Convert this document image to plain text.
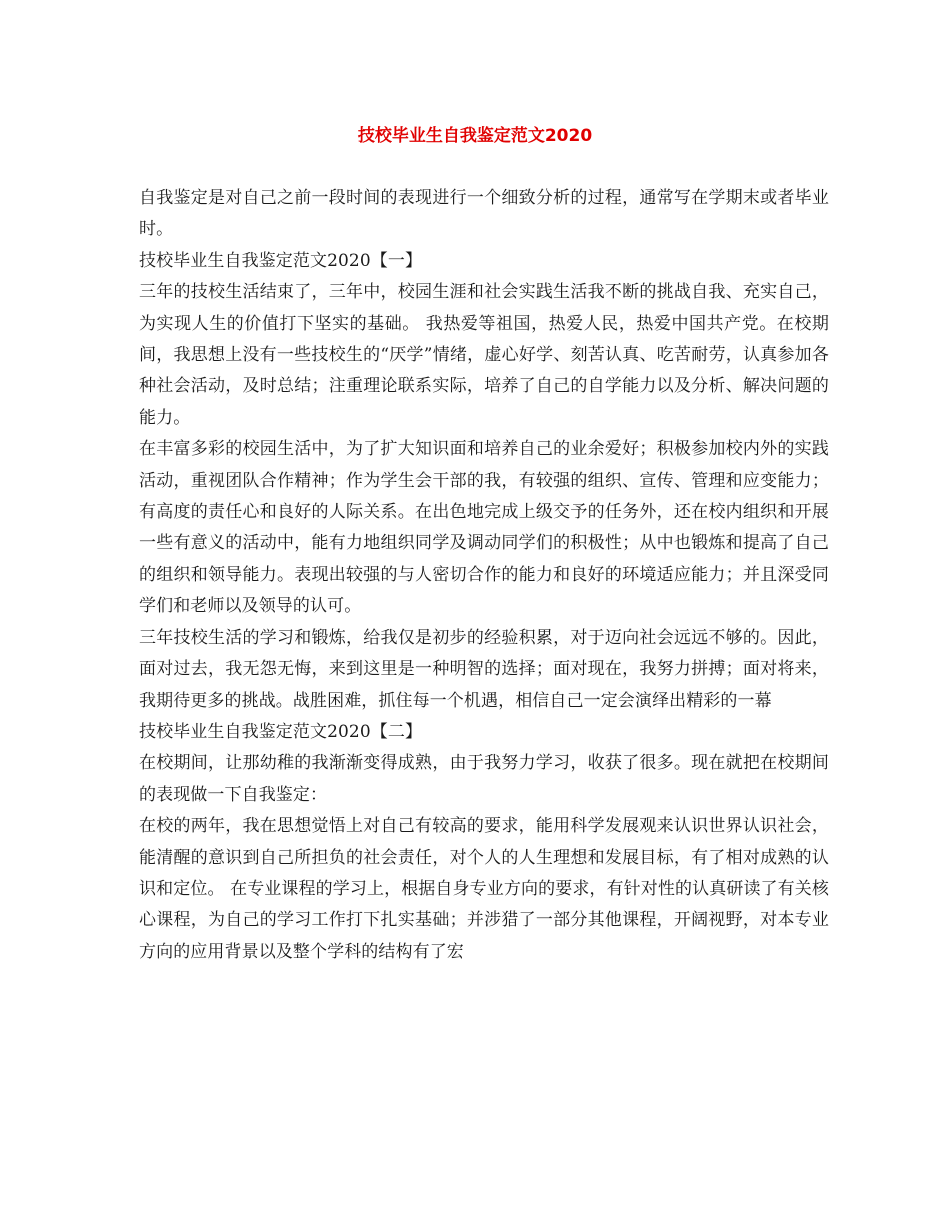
技校毕业生自我鉴定范文2020

自我鉴定是对自己之前一段时间的表现进行一个细致分析的过程，通常写在学期末或者毕业时。

技校毕业生自我鉴定范文2020【一】

三年的技校生活结束了，三年中，校园生涯和社会实践生活我不断的挑战自我、充实自己，为实现人生的价值打下坚实的基础。 我热爱等祖国，热爱人民，热爱中国共产党。在校期间，我思想上没有一些技校生的“厌学”情绪，虚心好学、刻苦认真、吃苦耐劳，认真参加各种社会活动，及时总结；注重理论联系实际，培养了自己的自学能力以及分析、解决问题的能力。

在丰富多彩的校园生活中，为了扩大知识面和培养自己的业余爱好；积极参加校内外的实践活动，重视团队合作精神；作为学生会干部的我，有较强的组织、宣传、管理和应变能力；有高度的责任心和良好的人际关系。在出色地完成上级交予的任务外，还在校内组织和开展一些有意义的活动中，能有力地组织同学及调动同学们的积极性；从中也锻炼和提高了自己的组织和领导能力。表现出较强的与人密切合作的能力和良好的环境适应能力；并且深受同学们和老师以及领导的认可。

三年技校生活的学习和锻炼，给我仅是初步的经验积累，对于迈向社会远远不够的。因此，面对过去，我无怨无悔，来到这里是一种明智的选择；面对现在，我努力拼搏；面对将来，我期待更多的挑战。战胜困难，抓住每一个机遇，相信自己一定会演绎出精彩的一幕

技校毕业生自我鉴定范文2020【二】

在校期间，让那幼稚的我渐渐变得成熟，由于我努力学习，收获了很多。现在就把在校期间的表现做一下自我鉴定：

在校的两年，我在思想觉悟上对自己有较高的要求，能用科学发展观来认识世界认识社会，能清醒的意识到自己所担负的社会责任，对个人的人生理想和发展目标，有了相对成熟的认识和定位。 在专业课程的学习上，根据自身专业方向的要求，有针对性的认真研读了有关核心课程，为自己的学习工作打下扎实基础；并涉猎了一部分其他课程，开阔视野，对本专业方向的应用背景以及整个学科的结构有了宏
